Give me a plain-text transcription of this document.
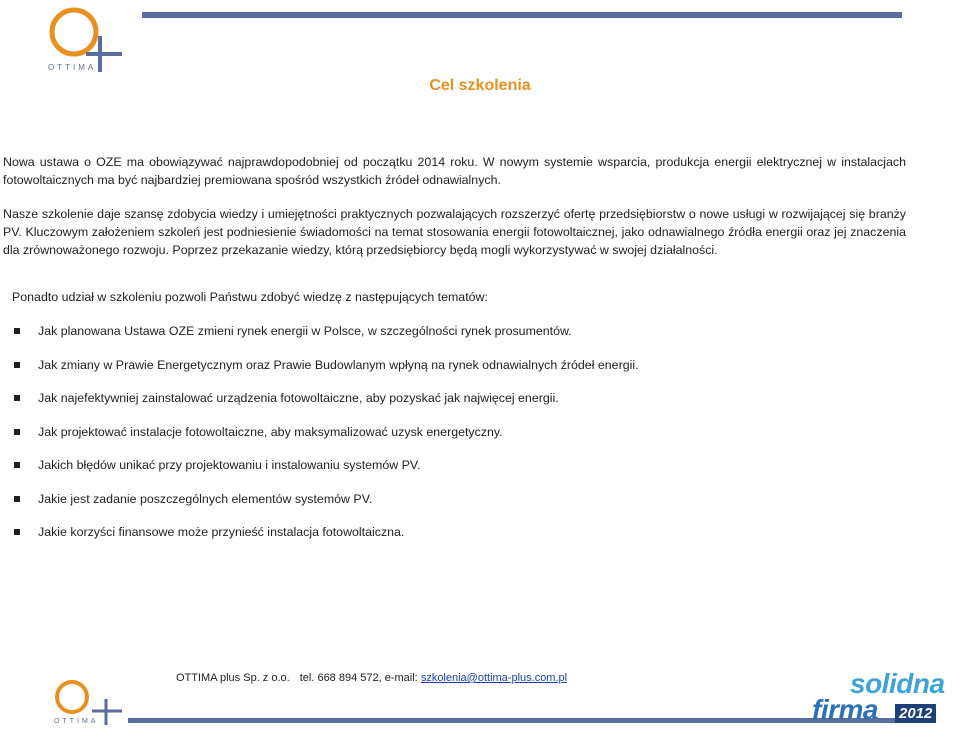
OTTIMA
Cel szkolenia

Nowa ustawa o OZE ma obowiązywać najprawdopodobniej od początku 2014 roku. W nowym systemie wsparcia, produkcja energii elektrycznej w instalacjach fotowoltaicznych ma być najbardziej premiowana spośród wszystkich źródeł odnawialnych.

Nasze szkolenie daje szansę zdobycia wiedzy i umiejętności praktycznych pozwalających rozszerzyć ofertę przedsiębiorstw o nowe usługi w rozwijającej się branży PV. Kluczowym założeniem szkoleń jest podniesienie świadomości na temat stosowania energii fotowoltaicznej, jako odnawialnego źródła energii oraz jej znaczenia dla zrównoważonego rozwoju. Poprzez przekazanie wiedzy, którą przedsiębiorcy będą mogli wykorzystywać w swojej działalności.

Ponadto udział w szkoleniu pozwoli Państwu zdobyć wiedzę z następujących tematów:
Jak planowana Ustawa OZE zmieni rynek energii w Polsce, w szczególności rynek prosumentów.
Jak zmiany w Prawie Energetycznym oraz Prawie Budowlanym wpłyną na rynek odnawialnych źródeł energii.
Jak najefektywniej zainstalować urządzenia fotowoltaiczne, aby pozyskać jak najwięcej energii.
Jak projektować instalacje fotowoltaiczne, aby maksymalizować uzysk energetyczny.
Jakich błędów unikać przy projektowaniu i instalowaniu systemów PV.
Jakie jest zadanie poszczególnych elementów systemów PV.
Jakie korzyści finansowe może przynieść instalacja fotowoltaiczna.
OTTIMA plus Sp. z o.o. tel. 668 894 572, e-mail: szkolenia@ottima-plus.com.pl
OTTIMA
solidna
firma 2012
